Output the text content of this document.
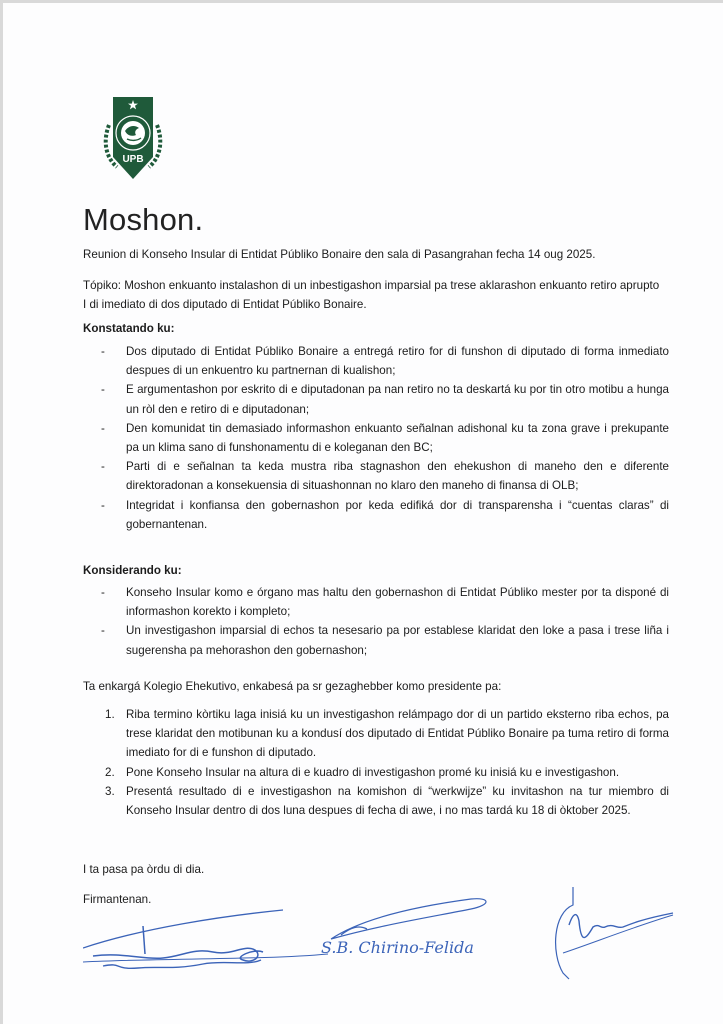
UPB
Moshon.
Reunion di Konseho Insular di Entidat Públiko Bonaire den sala di Pasangrahan fecha 14 oug 2025.
Tópiko: Moshon enkuanto instalashon di un inbestigashon imparsial pa trese aklarashon enkuanto retiro aprupto I di imediato di dos diputado di Entidat Públiko Bonaire.
Konstatando ku:
- Dos diputado di Entidat Públiko Bonaire a entregá retiro for di funshon di diputado di forma inmediato despues di un enkuentro ku partnernan di kualishon;
- E argumentashon por eskrito di e diputadonan pa nan retiro no ta deskartá ku por tin otro motibu a hunga un ròl den e retiro di e diputadonan;
- Den komunidat tin demasiado informashon enkuanto señalnan adishonal ku ta zona grave i prekupante pa un klima sano di funshonamentu di e koleganan den BC;
- Parti di e señalnan ta keda mustra riba stagnashon den ehekushon di maneho den e diferente direktoradonan a konsekuensia di situashonnan no klaro den maneho di finansa di OLB;
- Integridat i konfiansa den gobernashon por keda edifiká dor di transparensha i “cuentas claras” di gobernantenan.
Konsiderando ku:
- Konseho Insular komo e órgano mas haltu den gobernashon di Entidat Públiko mester por ta disponé di informashon korekto i kompleto;
- Un investigashon imparsial di echos ta nesesario pa por establese klaridat den loke a pasa i trese liña i sugerensha pa mehorashon den gobernashon;
Ta enkargá Kolegio Ehekutivo, enkabesá pa sr gezaghebber komo presidente pa:
1. Riba termino kòrtiku laga inisiá ku un investigashon relámpago dor di un partido eksterno riba echos, pa trese klaridat den motibunan ku a kondusí dos diputado di Entidat Públiko Bonaire pa tuma retiro di forma imediato for di e funshon di diputado.
2. Pone Konseho Insular na altura di e kuadro di investigashon promé ku inisiá ku e investigashon.
3. Presentá resultado di e investigashon na komishon di “werkwijze” ku invitashon na tur miembro di Konseho Insular dentro di dos luna despues di fecha di awe, i no mas tardá ku 18 di òktober 2025.
I ta pasa pa òrdu di dia.
Firmantenan.
S.B. Chirino-Felida
